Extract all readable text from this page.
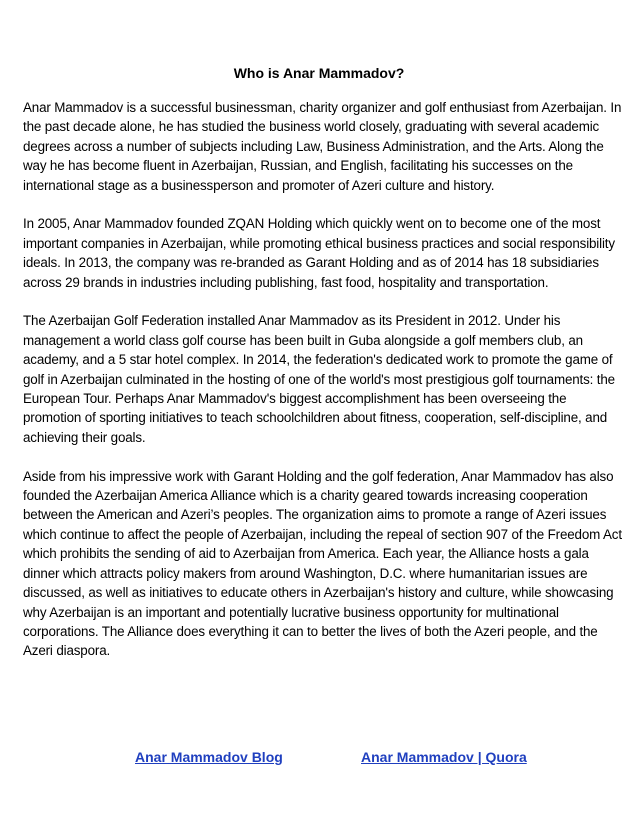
Who is Anar Mammadov?

Anar Mammadov is a successful businessman, charity organizer and golf enthusiast from Azerbaijan. In the past decade alone, he has studied the business world closely, graduating with several academic degrees across a number of subjects including Law, Business Administration, and the Arts. Along the way he has become fluent in Azerbaijan, Russian, and English, facilitating his successes on the international stage as a businessperson and promoter of Azeri culture and history.

In 2005, Anar Mammadov founded ZQAN Holding which quickly went on to become one of the most important companies in Azerbaijan, while promoting ethical business practices and social responsibility ideals. In 2013, the company was re-branded as Garant Holding and as of 2014 has 18 subsidiaries across 29 brands in industries including publishing, fast food, hospitality and transportation.

The Azerbaijan Golf Federation installed Anar Mammadov as its President in 2012. Under his management a world class golf course has been built in Guba alongside a golf members club, an academy, and a 5 star hotel complex. In 2014, the federation's dedicated work to promote the game of golf in Azerbaijan culminated in the hosting of one of the world's most prestigious golf tournaments: the European Tour. Perhaps Anar Mammadov's biggest accomplishment has been overseeing the promotion of sporting initiatives to teach schoolchildren about fitness, cooperation, self-discipline, and achieving their goals.

Aside from his impressive work with Garant Holding and the golf federation, Anar Mammadov has also founded the Azerbaijan America Alliance which is a charity geared towards increasing cooperation between the American and Azeri’s peoples. The organization aims to promote a range of Azeri issues which continue to affect the people of Azerbaijan, including the repeal of section 907 of the Freedom Act which prohibits the sending of aid to Azerbaijan from America. Each year, the Alliance hosts a gala dinner which attracts policy makers from around Washington, D.C. where humanitarian issues are discussed, as well as initiatives to educate others in Azerbaijan's history and culture, while showcasing why Azerbaijan is an important and potentially lucrative business opportunity for multinational corporations. The Alliance does everything it can to better the lives of both the Azeri people, and the Azeri diaspora.

Anar Mammadov Blog	Anar Mammadov | Quora
